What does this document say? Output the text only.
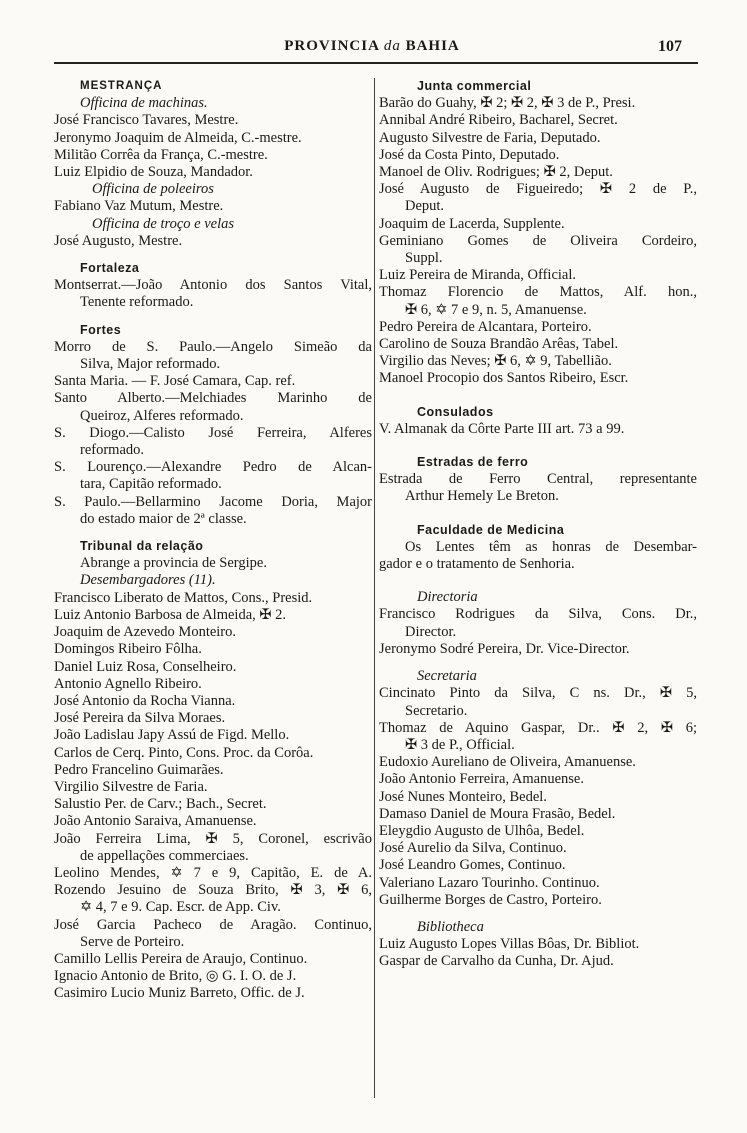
PROVINCIA da BAHIA	107
MESTRANÇA
Officina de machinas.
José Francisco Tavares, Mestre.
Jeronymo Joaquim de Almeida, C.-mestre.
Militão Corrêa da França, C.-mestre.
Luiz Elpidio de Souza, Mandador.
Officina de poleeiros
Fabiano Vaz Mutum, Mestre.
Officina de troço e velas
José Augusto, Mestre.
Fortaleza
Montserrat.—João Antonio dos Santos Vital,
Tenente reformado.
Fortes
Morro de S. Paulo.—Angelo Simeão da
Silva, Major reformado.
Santa Maria. — F. José Camara, Cap. ref.
Santo Alberto.—Melchiades Marinho de
Queiroz, Alferes reformado.
S. Diogo.—Calisto José Ferreira, Alferes
reformado.
S. Lourenço.—Alexandre Pedro de Alcan-
tara, Capitão reformado.
S. Paulo.—Bellarmino Jacome Doria, Major
do estado maior de 2ª classe.
Tribunal da relação
Abrange a provincia de Sergipe.
Desembargadores (11).
Francisco Liberato de Mattos, Cons., Presid.
Luiz Antonio Barbosa de Almeida, ✠ 2.
Joaquim de Azevedo Monteiro.
Domingos Ribeiro Fôlha.
Daniel Luiz Rosa, Conselheiro.
Antonio Agnello Ribeiro.
José Antonio da Rocha Vianna.
José Pereira da Silva Moraes.
João Ladislau Japy Assú de Figd. Mello.
Carlos de Cerq. Pinto, Cons. Proc. da Corôa.
Pedro Francelino Guimarães.
Virgilio Silvestre de Faria.
Salustio Per. de Carv.; Bach., Secret.
João Antonio Saraiva, Amanuense.
João Ferreira Lima, ✠ 5, Coronel, escrivão
de appellações commerciaes.
Leolino Mendes, ✡ 7 e 9, Capitão, E. de A.
Rozendo Jesuino de Souza Brito, ✠ 3, ✠ 6,
✡ 4, 7 e 9. Cap. Escr. de App. Civ.
José Garcia Pacheco de Aragão. Continuo,
Serve de Porteiro.
Camillo Lellis Pereira de Araujo, Continuo.
Ignacio Antonio de Brito, ◎ G. I. O. de J.
Casimiro Lucio Muniz Barreto, Offic. de J.
Junta commercial
Barão do Guahy, ✠ 2; ✠ 2, ✠ 3 de P., Presi.
Annibal André Ribeiro, Bacharel, Secret.
Augusto Silvestre de Faria, Deputado.
José da Costa Pinto, Deputado.
Manoel de Oliv. Rodrigues; ✠ 2, Deput.
José Augusto de Figueiredo; ✠ 2 de P.,
Deput.
Joaquim de Lacerda, Supplente.
Geminiano Gomes de Oliveira Cordeiro,
Suppl.
Luiz Pereira de Miranda, Official.
Thomaz Florencio de Mattos, Alf. hon.,
✠ 6, ✡ 7 e 9, n. 5, Amanuense.
Pedro Pereira de Alcantara, Porteiro.
Carolino de Souza Brandão Arêas, Tabel.
Virgilio das Neves; ✠ 6, ✡ 9, Tabellião.
Manoel Procopio dos Santos Ribeiro, Escr.
Consulados
V. Almanak da Côrte Parte III art. 73 a 99.
Estradas de ferro
Estrada de Ferro Central, representante
Arthur Hemely Le Breton.
Faculdade de Medicina
Os Lentes têm as honras de Desembar-
gador e o tratamento de Senhoria.
Directoria
Francisco Rodrigues da Silva, Cons. Dr.,
Director.
Jeronymo Sodré Pereira, Dr. Vice-Director.
Secretaria
Cincinato Pinto da Silva, C ns. Dr., ✠ 5,
Secretario.
Thomaz de Aquino Gaspar, Dr.. ✠ 2, ✠ 6;
✠ 3 de P., Official.
Eudoxio Aureliano de Oliveira, Amanuense.
João Antonio Ferreira, Amanuense.
José Nunes Monteiro, Bedel.
Damaso Daniel de Moura Frasão, Bedel.
Eleygdio Augusto de Ulhôa, Bedel.
José Aurelio da Silva, Continuo.
José Leandro Gomes, Continuo.
Valeriano Lazaro Tourinho. Continuo.
Guilherme Borges de Castro, Porteiro.
Bibliotheca
Luiz Augusto Lopes Villas Bôas, Dr. Bibliot.
Gaspar de Carvalho da Cunha, Dr. Ajud.
